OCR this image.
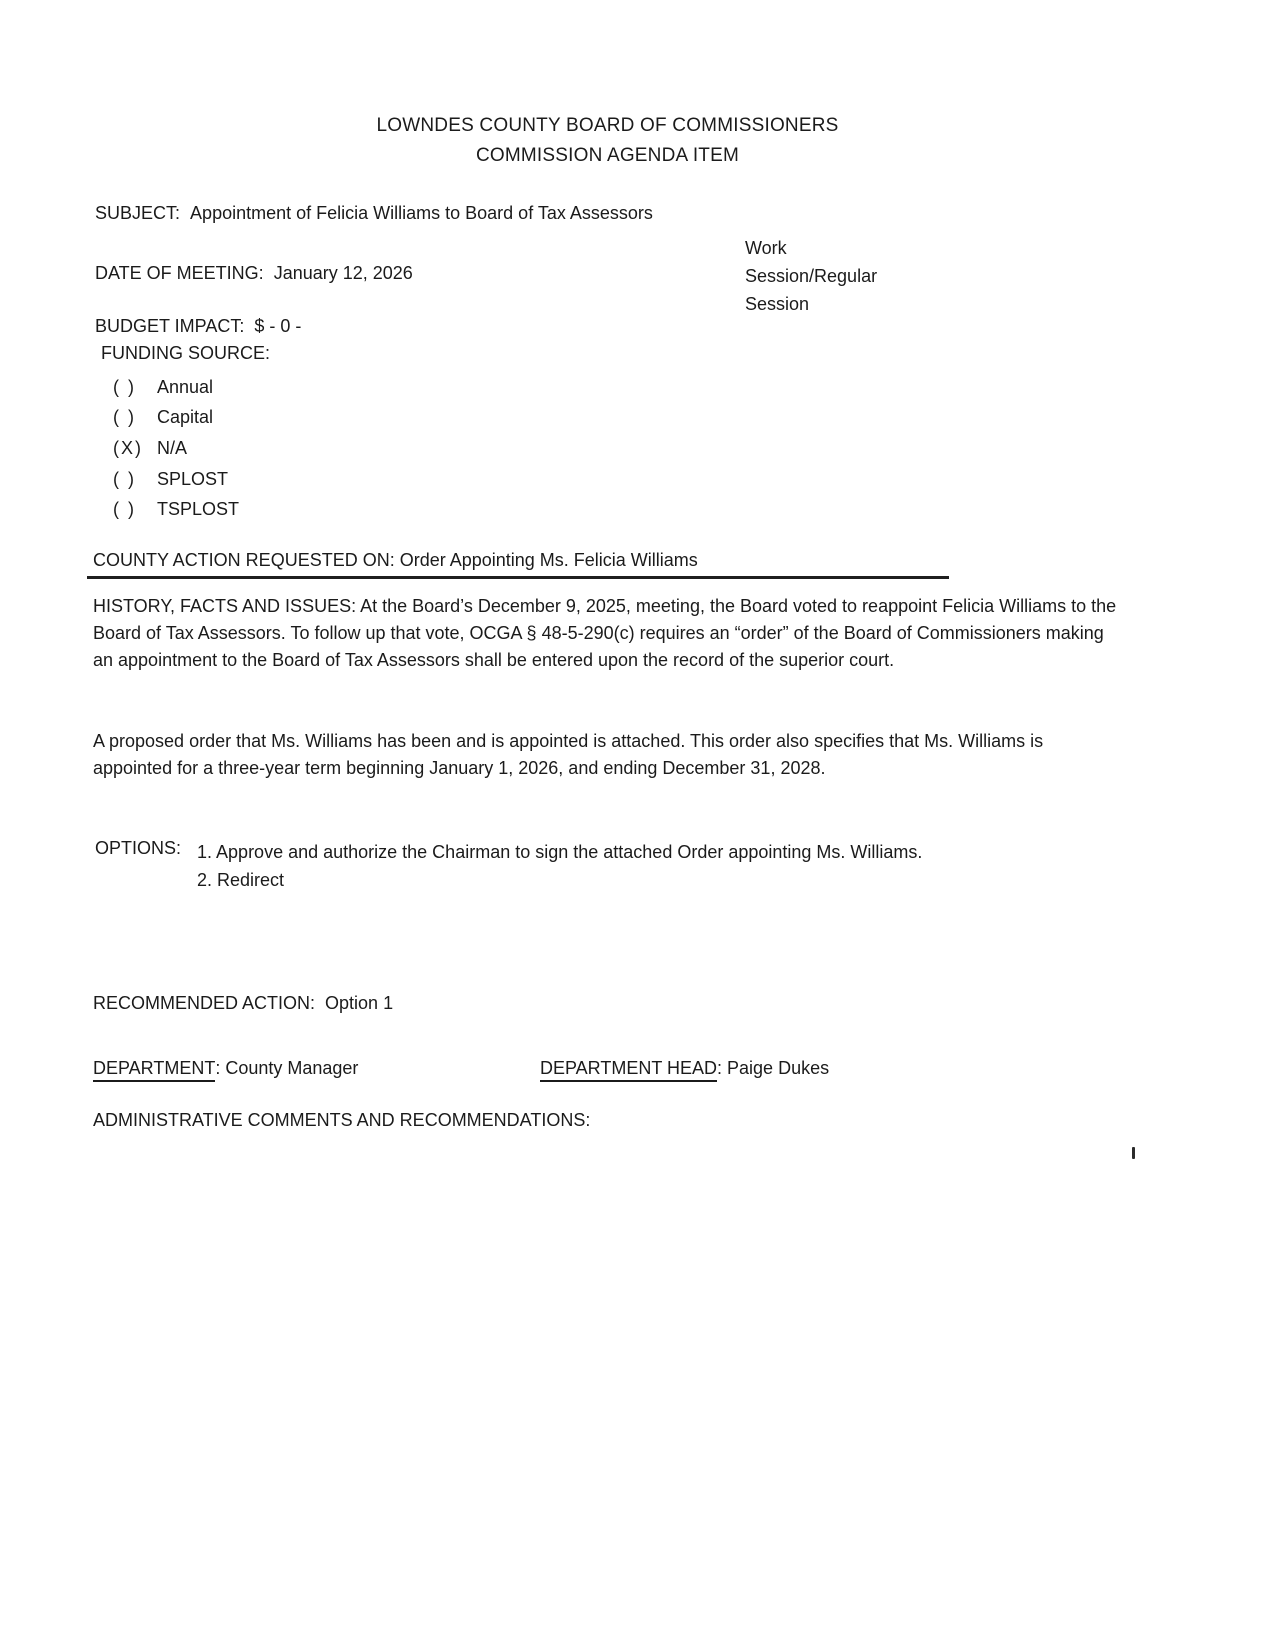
LOWNDES COUNTY BOARD OF COMMISSIONERS
COMMISSION AGENDA ITEM
SUBJECT: Appointment of Felicia Williams to Board of Tax Assessors
Work
Session/Regular
Session
DATE OF MEETING: January 12, 2026
BUDGET IMPACT: $ - 0 -
FUNDING SOURCE:
( )	Annual
( )	Capital
(X) N/A
( )	SPLOST
( )	TSPLOST
COUNTY ACTION REQUESTED ON: Order Appointing Ms. Felicia Williams
HISTORY, FACTS AND ISSUES: At the Board’s December 9, 2025, meeting, the Board voted to reappoint Felicia Williams to the Board of Tax Assessors. To follow up that vote, OCGA § 48-5-290(c) requires an “order” of the Board of Commissioners making an appointment to the Board of Tax Assessors shall be entered upon the record of the superior court.
A proposed order that Ms. Williams has been and is appointed is attached. This order also specifies that Ms. Williams is appointed for a three-year term beginning January 1, 2026, and ending December 31, 2028.
OPTIONS: 1. Approve and authorize the Chairman to sign the attached Order appointing Ms. Williams.
2. Redirect
RECOMMENDED ACTION: Option 1
DEPARTMENT: County Manager	DEPARTMENT HEAD: Paige Dukes
ADMINISTRATIVE COMMENTS AND RECOMMENDATIONS:
